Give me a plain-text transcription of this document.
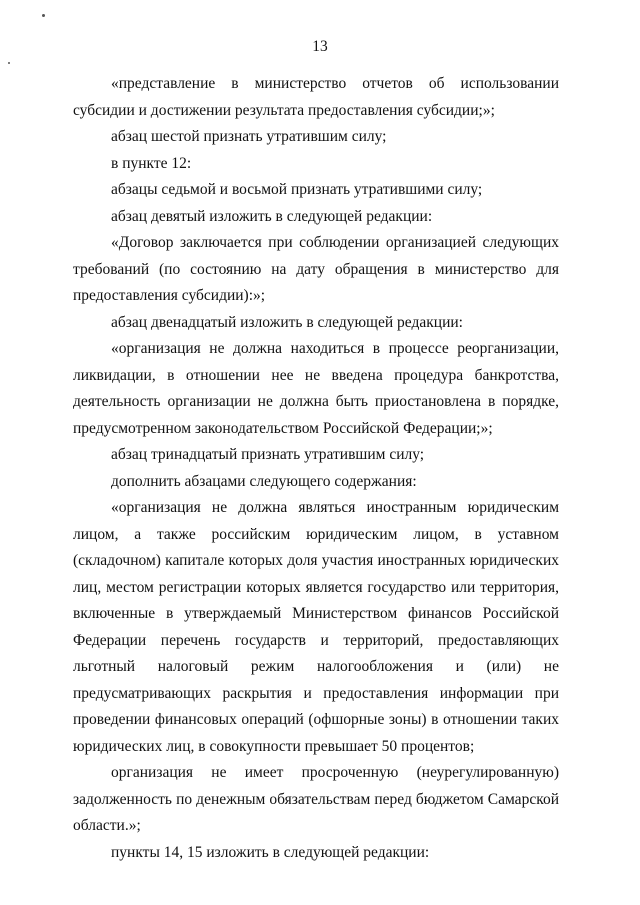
13

«представление в министерство отчетов об использовании субсидии и достижении результата предоставления субсидии;»;

абзац шестой признать утратившим силу;

в пункте 12:

абзацы седьмой и восьмой признать утратившими силу;

абзац девятый изложить в следующей редакции:

«Договор заключается при соблюдении организацией следующих требований (по состоянию на дату обращения в министерство для предоставления субсидии):»;

абзац двенадцатый изложить в следующей редакции:

«организация не должна находиться в процессе реорганизации, ликвидации, в отношении нее не введена процедура банкротства, деятельность организации не должна быть приостановлена в порядке, предусмотренном законодательством Российской Федерации;»;

абзац тринадцатый признать утратившим силу;

дополнить абзацами следующего содержания:

«организация не должна являться иностранным юридическим лицом, а также российским юридическим лицом, в уставном (складочном) капитале которых доля участия иностранных юридических лиц, местом регистрации которых является государство или территория, включенные в утверждаемый Министерством финансов Российской Федерации перечень государств и территорий, предоставляющих льготный налоговый режим налогообложения и (или) не предусматривающих раскрытия и предоставления информации при проведении финансовых операций (офшорные зоны) в отношении таких юридических лиц, в совокупности превышает 50 процентов;

организация не имеет просроченную (неурегулированную) задолженность по денежным обязательствам перед бюджетом Самарской области.»;

пункты 14, 15 изложить в следующей редакции:
